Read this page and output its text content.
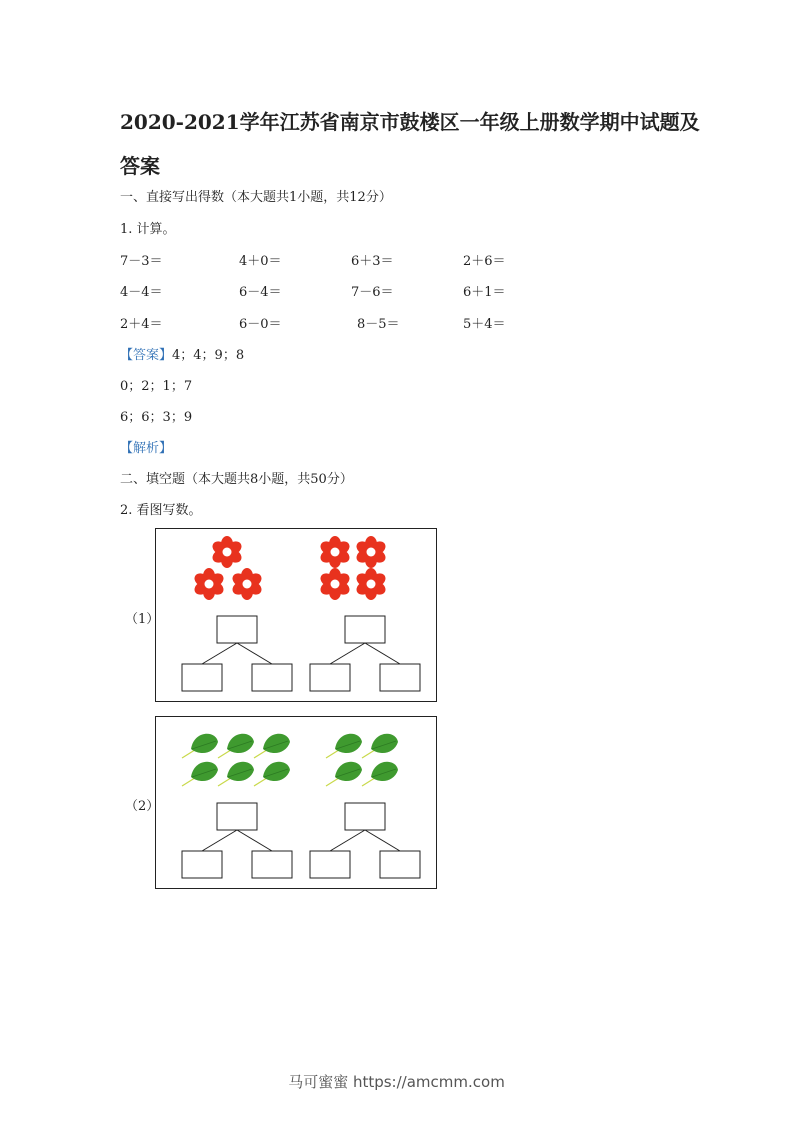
2020-2021学年江苏省南京市鼓楼区一年级上册数学期中试题及答案
一、直接写出得数（本大题共1小题，共12分）
1. 计算。
7－3＝	4＋0＝	6＋3＝	2＋6＝
4－4＝	6－4＝	7－6＝	6＋1＝
2＋4＝	6－0＝	8－5＝	5＋4＝
【答案】4；4；9；8
0；2；1；7
6；6；3；9
【解析】
二、填空题（本大题共8小题，共50分）
2. 看图写数。
（1）
（2）
马可蜜蜜 https://amcmm.com
